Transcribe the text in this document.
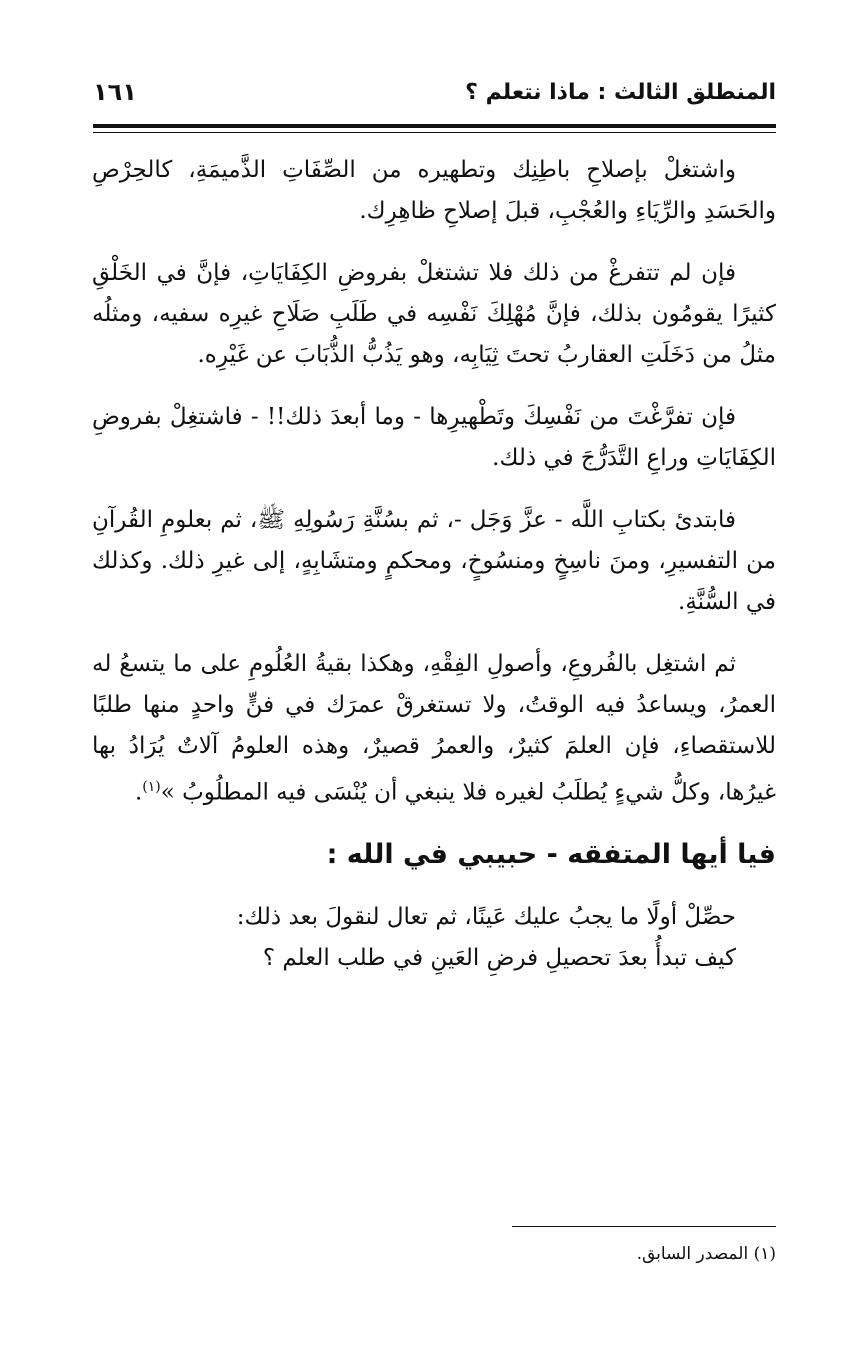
المنطلق الثالث : ماذا نتعلم ؟
١٦١

واشتغلْ بإصلاحِ باطِنِك وتطهيره من الصِّفَاتِ الذَّميمَةِ، كالحِرْصِ والحَسَدِ والرِّيَاءِ والعُجْبِ، قبلَ إصلاحِ ظاهِرِك.

فإن لم تتفرغْ من ذلك فلا تشتغلْ بفروضِ الكِفَايَاتِ، فإنَّ في الخَلْقِ كثيرًا يقومُون بذلك، فإنَّ مُهْلِكَ نَفْسِه في طَلَبِ صَلَاحِ غيرِه سفيه، ومثلُه مثلُ من دَخَلَتِ العقاربُ تحتَ ثِيَابِه، وهو يَذُبُّ الذُّبَابَ عن غَيْرِه.

فإن تفرَّغْتَ من نَفْسِكَ وتَطْهيرِها - وما أبعدَ ذلك!! - فاشتغِلْ بفروضِ الكِفَايَاتِ وراعِ التَّدَرُّجَ في ذلك.

فابتدئ بكتابِ اللَّه - عزَّ وَجَل -، ثم بسُنَّةِ رَسُولِهِ ﷺ، ثم بعلومِ القُرآنِ من التفسيرِ، ومنَ ناسِخٍ ومنسُوخٍ، ومحكمٍ ومتشَابِهٍ، إلى غيرِ ذلك. وكذلك في السُّنَّةِ.

ثم اشتغِل بالفُروعِ، وأصولِ الفِقْهِ، وهكذا بقيةُ العُلُومِ على ما يتسعُ له العمرُ، ويساعدُ فيه الوقتُ، ولا تستغرقْ عمرَك في فنٍّ واحدٍ منها طلبًا للاستقصاءِ، فإن العلمَ كثيرٌ، والعمرُ قصيرٌ، وهذه العلومُ آلاتٌ يُرَادُ بها غيرُها، وكلُّ شيءٍ يُطلَبُ لغيره فلا ينبغي أن يُنْسَى فيه المطلُوبُ »$^{(١)}$.

فيا أيها المتفقه - حبيبي في الله :

حصِّلْ أولًا ما يجبُ عليك عَينًا، ثم تعال لنقولَ بعد ذلك:

كيف تبدأُ بعدَ تحصيلِ فرضِ العَينِ في طلب العلم ؟

(١) المصدر السابق.
